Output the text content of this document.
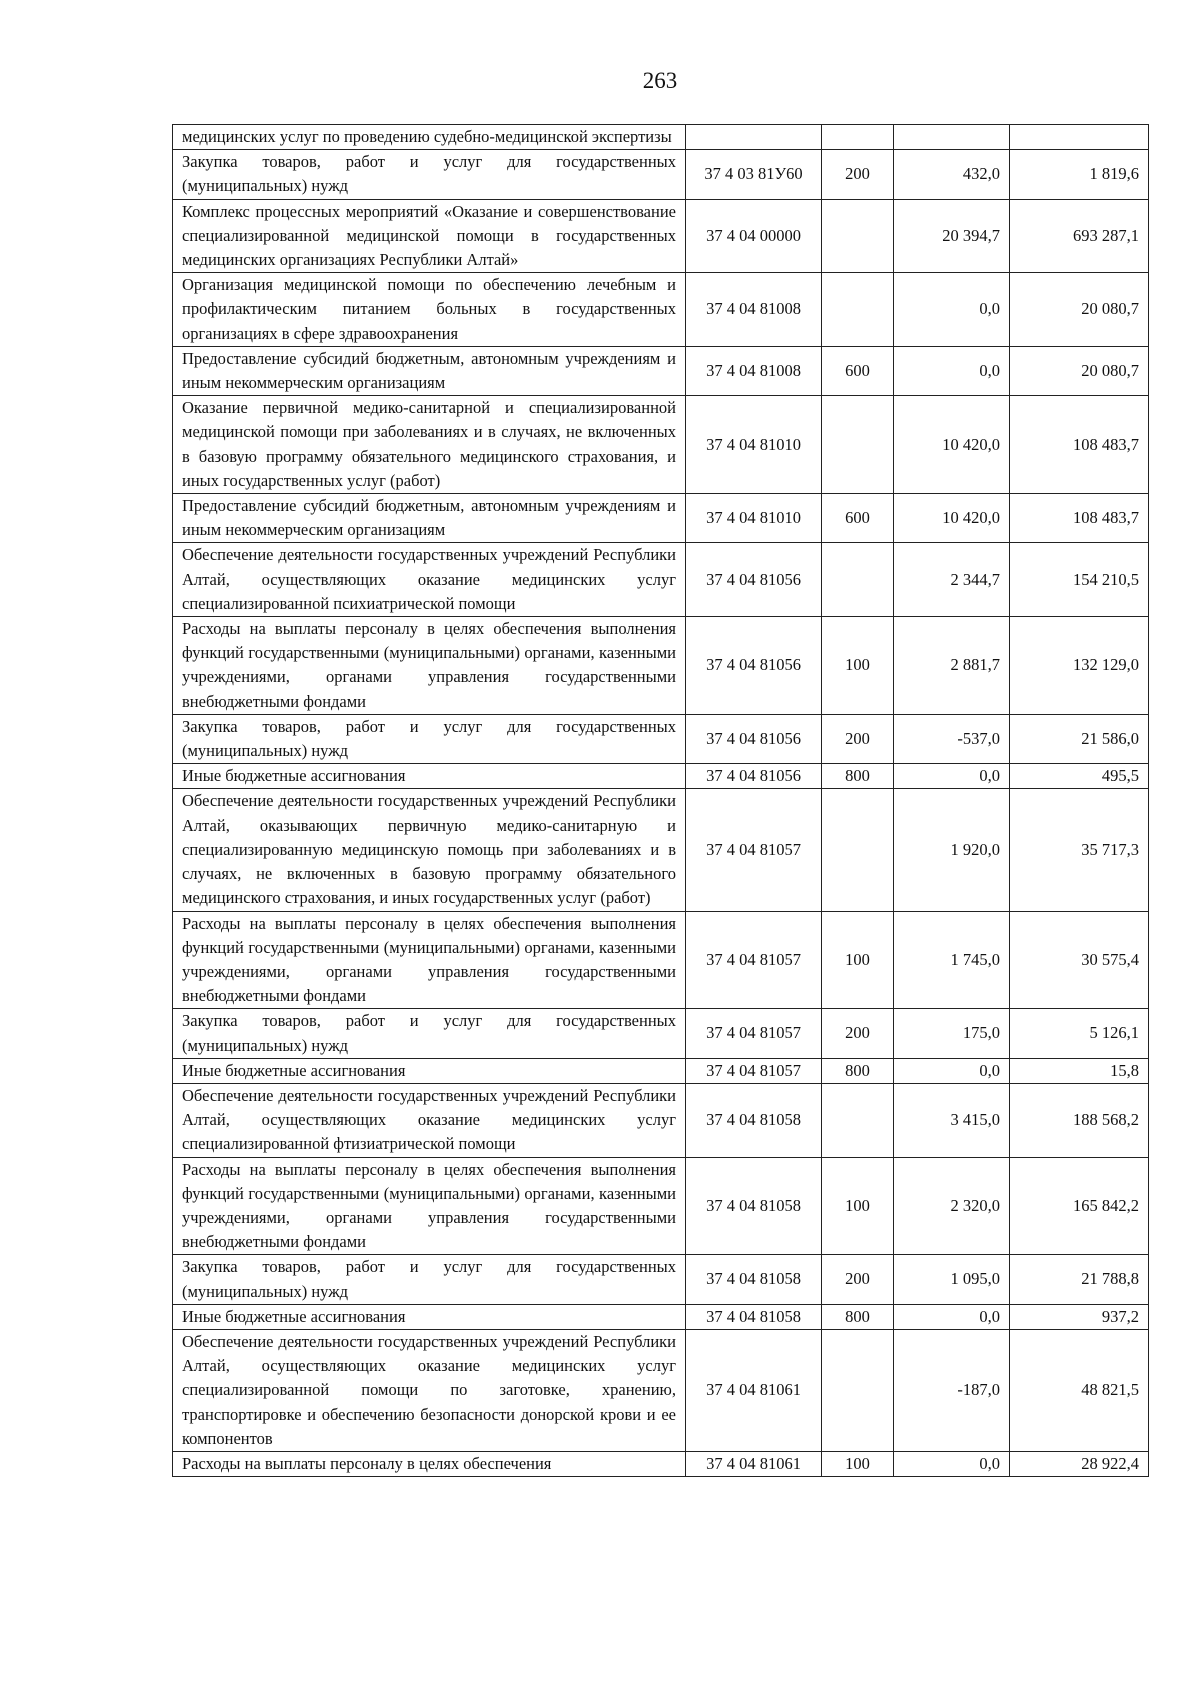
263
медицинских услуг по проведению судебно-медицинской экспертизы				
Закупка товаров, работ и услуг для государственных (муниципальных) нужд	37 4 03 81У60	200	432,0	1 819,6
Комплекс процессных мероприятий «Оказание и совершенствование специализированной медицинской помощи в государственных медицинских организациях Республики Алтай»	37 4 04 00000		20 394,7	693 287,1
Организация медицинской помощи по обеспечению лечебным и профилактическим питанием больных в государственных организациях в сфере здравоохранения	37 4 04 81008		0,0	20 080,7
Предоставление субсидий бюджетным, автономным учреждениям и иным некоммерческим организациям	37 4 04 81008	600	0,0	20 080,7
Оказание первичной медико-санитарной и специализированной медицинской помощи при заболеваниях и в случаях, не включенных в базовую программу обязательного медицинского страхования, и иных государственных услуг (работ)	37 4 04 81010		10 420,0	108 483,7
Предоставление субсидий бюджетным, автономным учреждениям и иным некоммерческим организациям	37 4 04 81010	600	10 420,0	108 483,7
Обеспечение деятельности государственных учреждений Республики Алтай, осуществляющих оказание медицинских услуг специализированной психиатрической помощи	37 4 04 81056		2 344,7	154 210,5
Расходы на выплаты персоналу в целях обеспечения выполнения функций государственными (муниципальными) органами, казенными учреждениями, органами управления государственными внебюджетными фондами	37 4 04 81056	100	2 881,7	132 129,0
Закупка товаров, работ и услуг для государственных (муниципальных) нужд	37 4 04 81056	200	-537,0	21 586,0
Иные бюджетные ассигнования	37 4 04 81056	800	0,0	495,5
Обеспечение деятельности государственных учреждений Республики Алтай, оказывающих первичную медико-санитарную и специализированную медицинскую помощь при заболеваниях и в случаях, не включенных в базовую программу обязательного медицинского страхования, и иных государственных услуг (работ)	37 4 04 81057		1 920,0	35 717,3
Расходы на выплаты персоналу в целях обеспечения выполнения функций государственными (муниципальными) органами, казенными учреждениями, органами управления государственными внебюджетными фондами	37 4 04 81057	100	1 745,0	30 575,4
Закупка товаров, работ и услуг для государственных (муниципальных) нужд	37 4 04 81057	200	175,0	5 126,1
Иные бюджетные ассигнования	37 4 04 81057	800	0,0	15,8
Обеспечение деятельности государственных учреждений Республики Алтай, осуществляющих оказание медицинских услуг специализированной фтизиатрической помощи	37 4 04 81058		3 415,0	188 568,2
Расходы на выплаты персоналу в целях обеспечения выполнения функций государственными (муниципальными) органами, казенными учреждениями, органами управления государственными внебюджетными фондами	37 4 04 81058	100	2 320,0	165 842,2
Закупка товаров, работ и услуг для государственных (муниципальных) нужд	37 4 04 81058	200	1 095,0	21 788,8
Иные бюджетные ассигнования	37 4 04 81058	800	0,0	937,2
Обеспечение деятельности государственных учреждений Республики Алтай, осуществляющих оказание медицинских услуг специализированной помощи по заготовке, хранению, транспортировке и обеспечению безопасности донорской крови и ее компонентов	37 4 04 81061		-187,0	48 821,5
Расходы на выплаты персоналу в целях обеспечения	37 4 04 81061	100	0,0	28 922,4
